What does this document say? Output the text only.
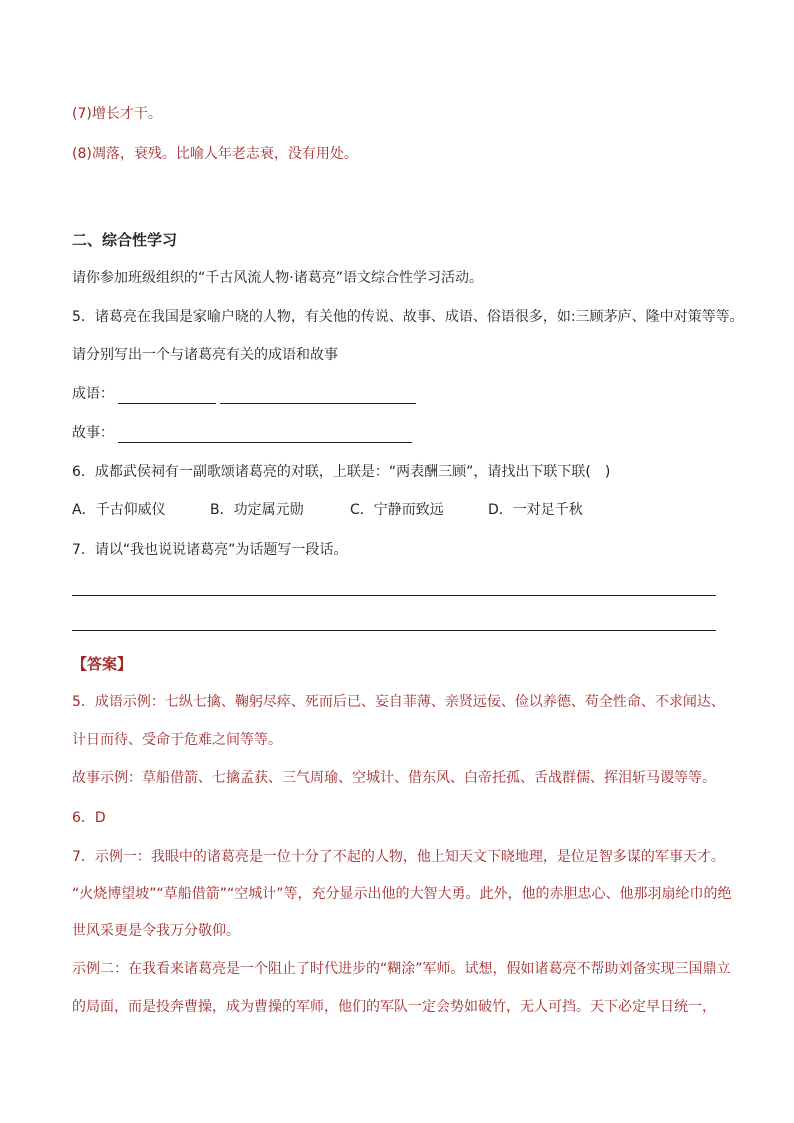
(7)增长才干。
(8)凋落，衰残。比喻人年老志衰，没有用处。
二、综合性学习
请你参加班级组织的“千古风流人物·诸葛亮”语文综合性学习活动。
5．诸葛亮在我国是家喻户晓的人物，有关他的传说、故事、成语、俗语很多，如:三顾茅庐、隆中对策等等。
请分别写出一个与诸葛亮有关的成语和故事
成语：
故事：
6．成都武侯祠有一副歌颂诸葛亮的对联，上联是：“两表酬三顾”，请找出下联下联(　)
A．千古仰威仪	B．功定属元勋	C．宁静而致远	D．一对足千秋
7．请以“我也说说诸葛亮”为话题写一段话。
【答案】
5．成语示例：七纵七擒、鞠躬尽瘁、死而后已、妄自菲薄、亲贤远佞、俭以养德、苟全性命、不求闻达、
计日而待、受命于危难之间等等。
故事示例：草船借箭、七擒孟获、三气周瑜、空城计、借东风、白帝托孤、舌战群儒、挥泪斩马谡等等。
6．D
7．示例一：我眼中的诸葛亮是一位十分了不起的人物，他上知天文下晓地理，是位足智多谋的军事天才。
“火烧博望坡”“草船借箭”“空城计”等，充分显示出他的大智大勇。此外，他的赤胆忠心、他那羽扇纶巾的绝
世风采更是令我万分敬仰。
示例二：在我看来诸葛亮是一个阻止了时代进步的“糊涂”军师。试想，假如诸葛亮不帮助刘备实现三国鼎立
的局面，而是投奔曹操，成为曹操的军师，他们的军队一定会势如破竹，无人可挡。天下必定早日统一，
